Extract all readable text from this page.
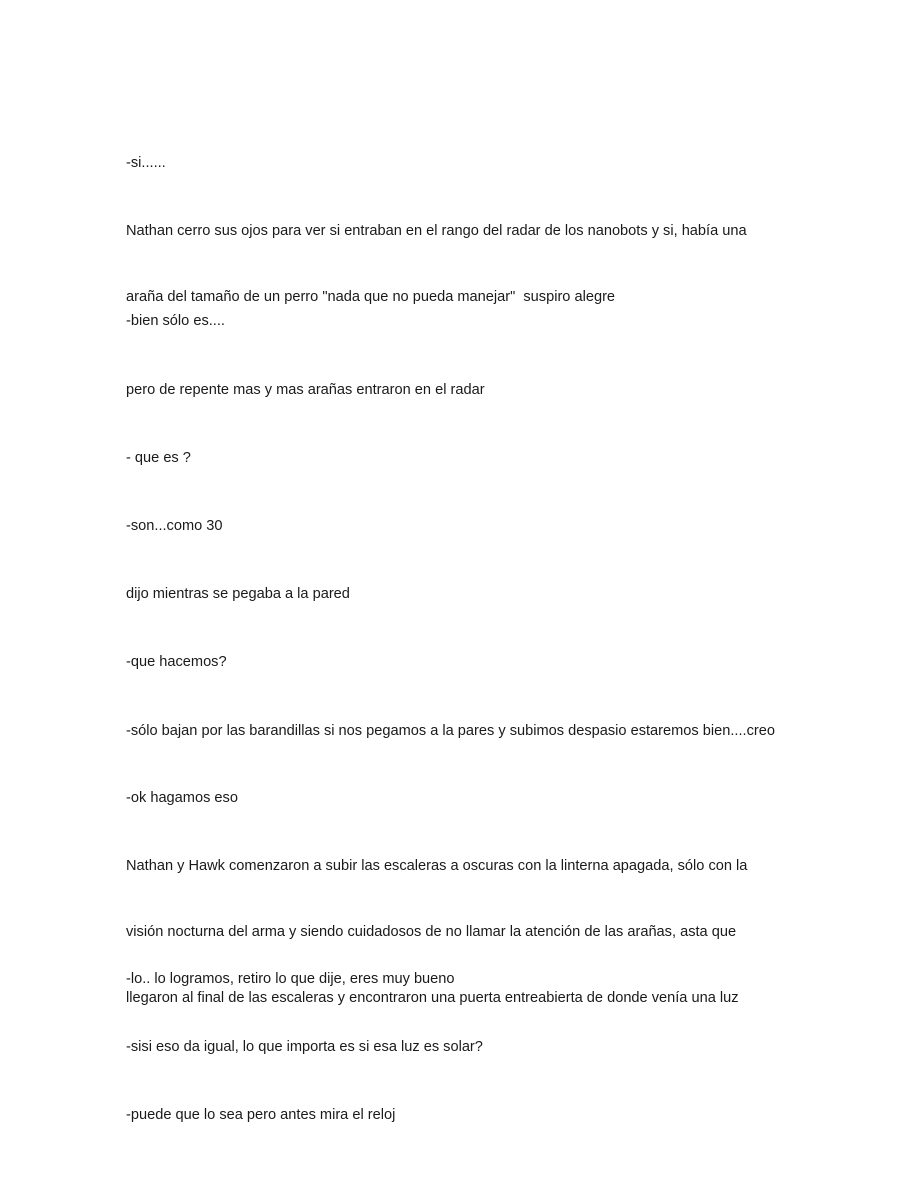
-si......

Nathan cerro sus ojos para ver si entraban en el rango del radar de los nanobots y si, había una

araña del tamaño de un perro "nada que no pueda manejar"  suspiro alegre

-bien sólo es....

pero de repente mas y mas arañas entraron en el radar

- que es ?

-son...como 30

dijo mientras se pegaba a la pared

-que hacemos?

-sólo bajan por las barandillas si nos pegamos a la pares y subimos despasio estaremos bien....creo

-ok hagamos eso

Nathan y Hawk comenzaron a subir las escaleras a oscuras con la linterna apagada, sólo con la

visión nocturna del arma y siendo cuidadosos de no llamar la atención de las arañas, asta que

llegaron al final de las escaleras y encontraron una puerta entreabierta de donde venía una luz

-lo.. lo logramos, retiro lo que dije, eres muy bueno

-sisi eso da igual, lo que importa es si esa luz es solar?

-puede que lo sea pero antes mira el reloj
